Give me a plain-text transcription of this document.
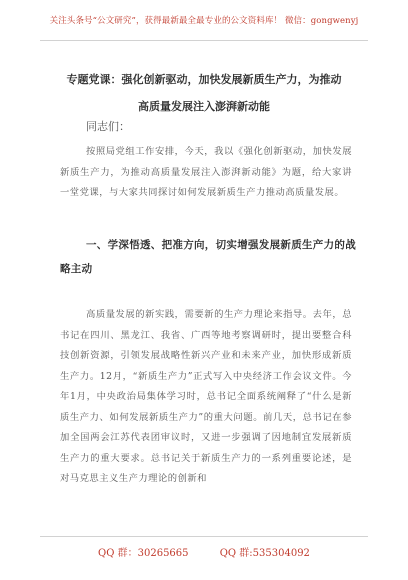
关注头条号“公文研究”，获得最新最全最专业的公文资料库！ 微信：gongwenyj
专题党课：强化创新驱动，加快发展新质生产力，为推动
高质量发展注入澎湃新动能
同志们：

按照局党组工作安排，今天，我以《强化创新驱动，加快发展新质生产力，为推动高质量发展注入澎湃新动能》为题，给大家讲一堂党课，与大家共同探讨如何发展新质生产力推动高质量发展。

一、学深悟透、把准方向，切实增强发展新质生产力的战略主动

高质量发展的新实践，需要新的生产力理论来指导。去年，总书记在四川、黑龙江、我省、广西等地考察调研时，提出要整合科技创新资源，引领发展战略性新兴产业和未来产业，加快形成新质生产力。12月，“新质生产力”正式写入中央经济工作会议文件。今年1月，中央政治局集体学习时，总书记全面系统阐释了“什么是新质生产力、如何发展新质生产力”的重大问题。前几天，总书记在参加全国两会江苏代表团审议时，又进一步强调了因地制宜发展新质生产力的重大要求。总书记关于新质生产力的一系列重要论述，是对马克思主义生产力理论的创新和

QQ 群：30265665	QQ 群:535304092
